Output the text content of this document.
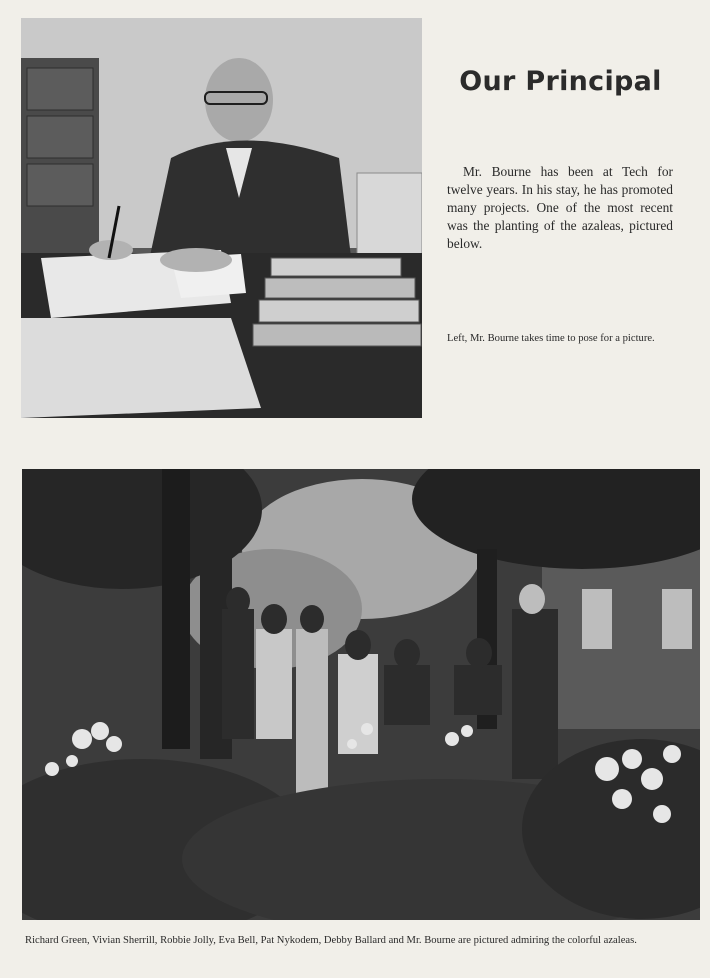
Our Principal

Mr. Bourne has been at Tech for twelve years. In his stay, he has promoted many projects. One of the most recent was the planting of the azaleas, pictured below.

Left, Mr. Bourne takes time to pose for a picture.

Richard Green, Vivian Sherrill, Robbie Jolly, Eva Bell, Pat Nykodem, Debby Ballard and Mr. Bourne are pictured admiring the colorful azaleas.
